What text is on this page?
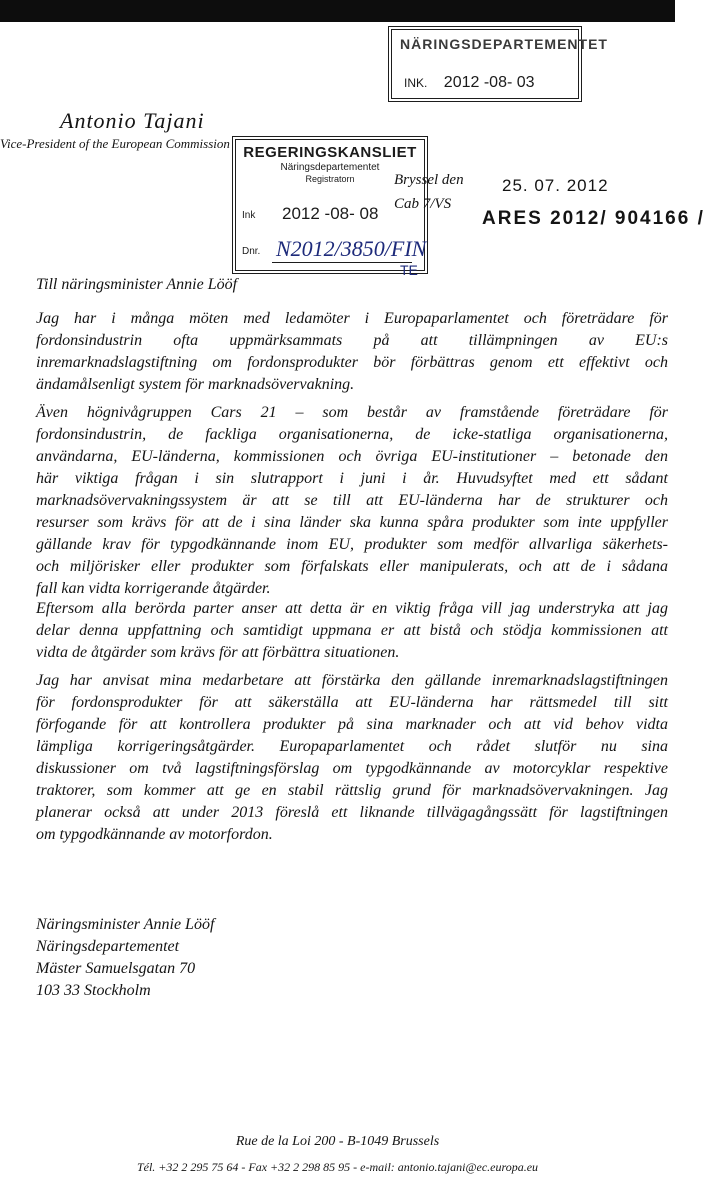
NÄRINGSDEPARTEMENTET
INK. 2012 -08- 03
Antonio Tajani
Vice-President of the European Commission
REGERINGSKANSLIET
Näringsdepartementet
Registratorn
Ink 2012 -08- 08
Dnr. N2012/3850/FIN
TE
Bryssel den
Cab 7/VS
25. 07. 2012
ARES 2012/ 904166 /
Till näringsminister Annie Lööf

Jag har i många möten med ledamöter i Europaparlamentet och företrädare för
fordonsindustrin ofta uppmärksammats på att tillämpningen av EU:s
inremarknadslagstiftning om fordonsprodukter bör förbättras genom ett effektivt och
ändamålsenligt system för marknadsövervakning.

Även högnivågruppen Cars 21 – som består av framstående företrädare för
fordonsindustrin, de fackliga organisationerna, de icke-statliga organisationerna,
användarna, EU-länderna, kommissionen och övriga EU-institutioner – betonade den
här viktiga frågan i sin slutrapport i juni i år. Huvudsyftet med ett sådant
marknadsövervakningssystem är att se till att EU-länderna har de strukturer och
resurser som krävs för att de i sina länder ska kunna spåra produkter som inte uppfyller
gällande krav för typgodkännande inom EU, produkter som medför allvarliga säkerhets-
och miljörisker eller produkter som förfalskats eller manipulerats, och att de i sådana
fall kan vidta korrigerande åtgärder.

Eftersom alla berörda parter anser att detta är en viktig fråga vill jag understryka att jag
delar denna uppfattning och samtidigt uppmana er att bistå och stödja kommissionen att
vidta de åtgärder som krävs för att förbättra situationen.

Jag har anvisat mina medarbetare att förstärka den gällande inremarknadslagstiftningen
för fordonsprodukter för att säkerställa att EU-länderna har rättsmedel till sitt
förfogande för att kontrollera produkter på sina marknader och att vid behov vidta
lämpliga korrigeringsåtgärder. Europaparlamentet och rådet slutför nu sina
diskussioner om två lagstiftningsförslag om typgodkännande av motorcyklar respektive
traktorer, som kommer att ge en stabil rättslig grund för marknadsövervakningen. Jag
planerar också att under 2013 föreslå ett liknande tillvägagångssätt för lagstiftningen
om typgodkännande av motorfordon.

Näringsminister Annie Lööf
Näringsdepartementet
Mäster Samuelsgatan 70
103 33 Stockholm
Rue de la Loi 200 - B-1049 Brussels
Tél. +32 2 295 75 64 - Fax +32 2 298 85 95 - e-mail: antonio.tajani@ec.europa.eu
